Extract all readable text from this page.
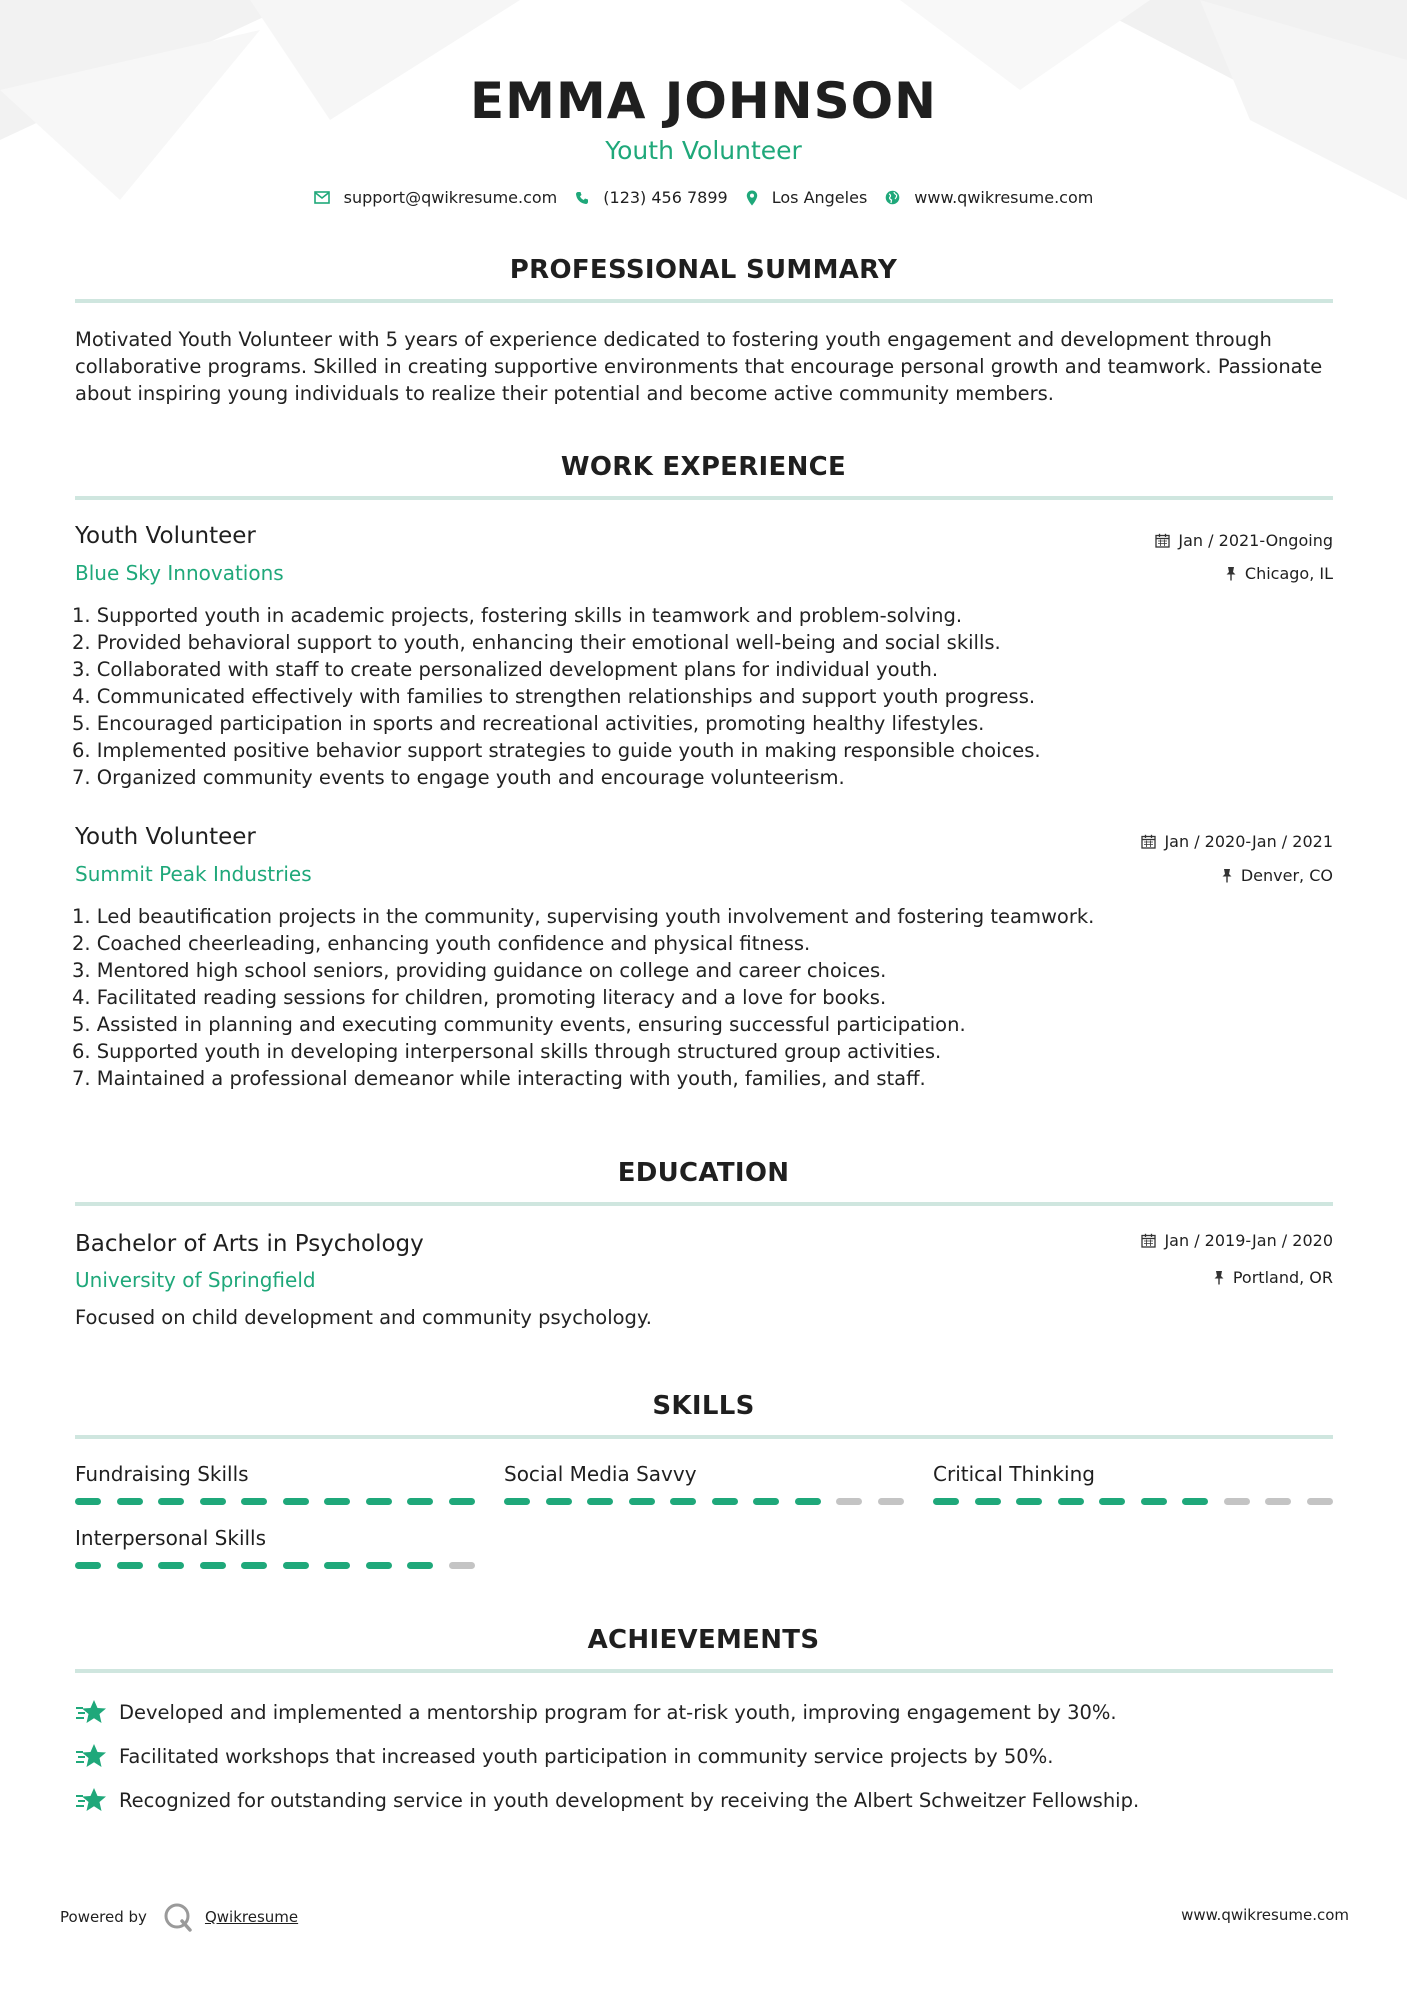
EMMA JOHNSON
Youth Volunteer
support@qwikresume.com	(123) 456 7899	Los Angeles	www.qwikresume.com
PROFESSIONAL SUMMARY
Motivated Youth Volunteer with 5 years of experience dedicated to fostering youth engagement and development through collaborative programs. Skilled in creating supportive environments that encourage personal growth and teamwork. Passionate about inspiring young individuals to realize their potential and become active community members.
WORK EXPERIENCE
Youth Volunteer	Jan / 2021-Ongoing
Blue Sky Innovations	Chicago, IL
1. Supported youth in academic projects, fostering skills in teamwork and problem-solving.
2. Provided behavioral support to youth, enhancing their emotional well-being and social skills.
3. Collaborated with staff to create personalized development plans for individual youth.
4. Communicated effectively with families to strengthen relationships and support youth progress.
5. Encouraged participation in sports and recreational activities, promoting healthy lifestyles.
6. Implemented positive behavior support strategies to guide youth in making responsible choices.
7. Organized community events to engage youth and encourage volunteerism.
Youth Volunteer	Jan / 2020-Jan / 2021
Summit Peak Industries	Denver, CO
1. Led beautification projects in the community, supervising youth involvement and fostering teamwork.
2. Coached cheerleading, enhancing youth confidence and physical fitness.
3. Mentored high school seniors, providing guidance on college and career choices.
4. Facilitated reading sessions for children, promoting literacy and a love for books.
5. Assisted in planning and executing community events, ensuring successful participation.
6. Supported youth in developing interpersonal skills through structured group activities.
7. Maintained a professional demeanor while interacting with youth, families, and staff.
EDUCATION
Bachelor of Arts in Psychology	Jan / 2019-Jan / 2020
University of Springfield	Portland, OR
Focused on child development and community psychology.
SKILLS
Fundraising Skills	Social Media Savvy	Critical Thinking
Interpersonal Skills
ACHIEVEMENTS
Developed and implemented a mentorship program for at-risk youth, improving engagement by 30%.
Facilitated workshops that increased youth participation in community service projects by 50%.
Recognized for outstanding service in youth development by receiving the Albert Schweitzer Fellowship.
Powered by	Qwikresume	www.qwikresume.com
